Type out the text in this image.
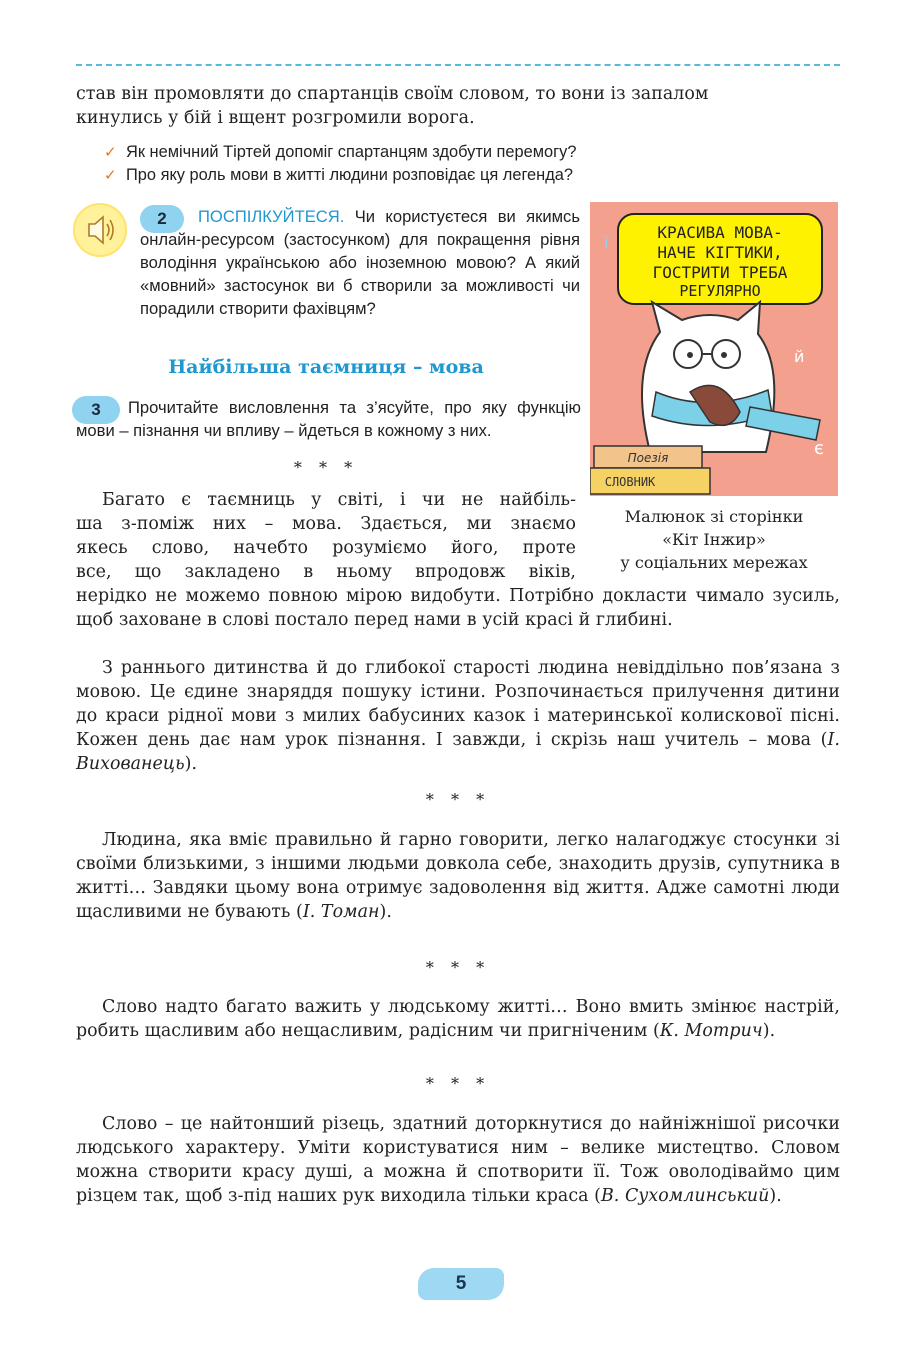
став він промовляти до спартанців своїм словом, то вони із запалом
кинулись у бій і вщент розгромили ворога.
✓ Як немічний Тіртей допоміг спартанцям здобути перемогу?
✓ Про яку роль мови в житті людини розповідає ця легенда?
2	ПОСПІЛКУЙТЕСЯ. Чи користуєтеся ви якимсь онлайн-ресурсом (застосунком) для покращення рівня володіння українською або іноземною мовою? А який «мовний» застосунок ви б створили за можливості чи порадили створити фахівцям?
Найбільша таємниця – мова
3	Прочитайте висловлення та з’ясуйте, про яку функцію мови – пізнання чи впливу – йдеться в кожному з них.
* * *
КРАСИВА МОВА-
НАЧЕ КІГТИКИ,
ГОСТРИТИ ТРЕБА
РЕГУЛЯРНО
Поезія
СЛОВНИК
ї
є
й
Малюнок зі сторінки
«Кіт Інжир»
у соціальних мережах
Багато є таємниць у світі, і чи не найбіль-
ша з-поміж них – мова. Здається, ми знаємо
якесь слово, начебто розуміємо його, проте
все, що закладено в ньому впродовж віків,
нерідко не можемо повною мірою видобути. Потрібно докласти чимало зусиль, щоб заховане в слові постало перед нами в усій красі й глибині.
З раннього дитинства й до глибокої старості людина невіддільно пов’язана з мовою. Це єдине знаряддя пошуку істини. Розпочинається прилучення дитини до краси рідної мови з милих бабусиних казок і материнської колискової пісні. Кожен день дає нам урок пізнання. І завжди, і скрізь наш учитель – мова (І. Вихованець).
* * *
Людина, яка вміє правильно й гарно говорити, легко налагоджує стосунки зі своїми близькими, з іншими людьми довкола себе, знаходить друзів, супутника в житті… Завдяки цьому вона отримує задоволення від життя. Адже самотні люди щасливими не бувають (І. Томан).
* * *
Слово надто багато важить у людському житті… Воно вмить змінює настрій, робить щасливим або нещасливим, радісним чи пригніченим (К. Мотрич).
* * *
Слово – це найтонший різець, здатний доторкнутися до найніжнішої рисочки людського характеру. Уміти користуватися ним – велике мистецтво. Словом можна створити красу душі, а можна й спотворити її. Тож оволодіваймо цим різцем так, щоб з-під наших рук виходила тільки краса (В. Сухомлинський).
5
